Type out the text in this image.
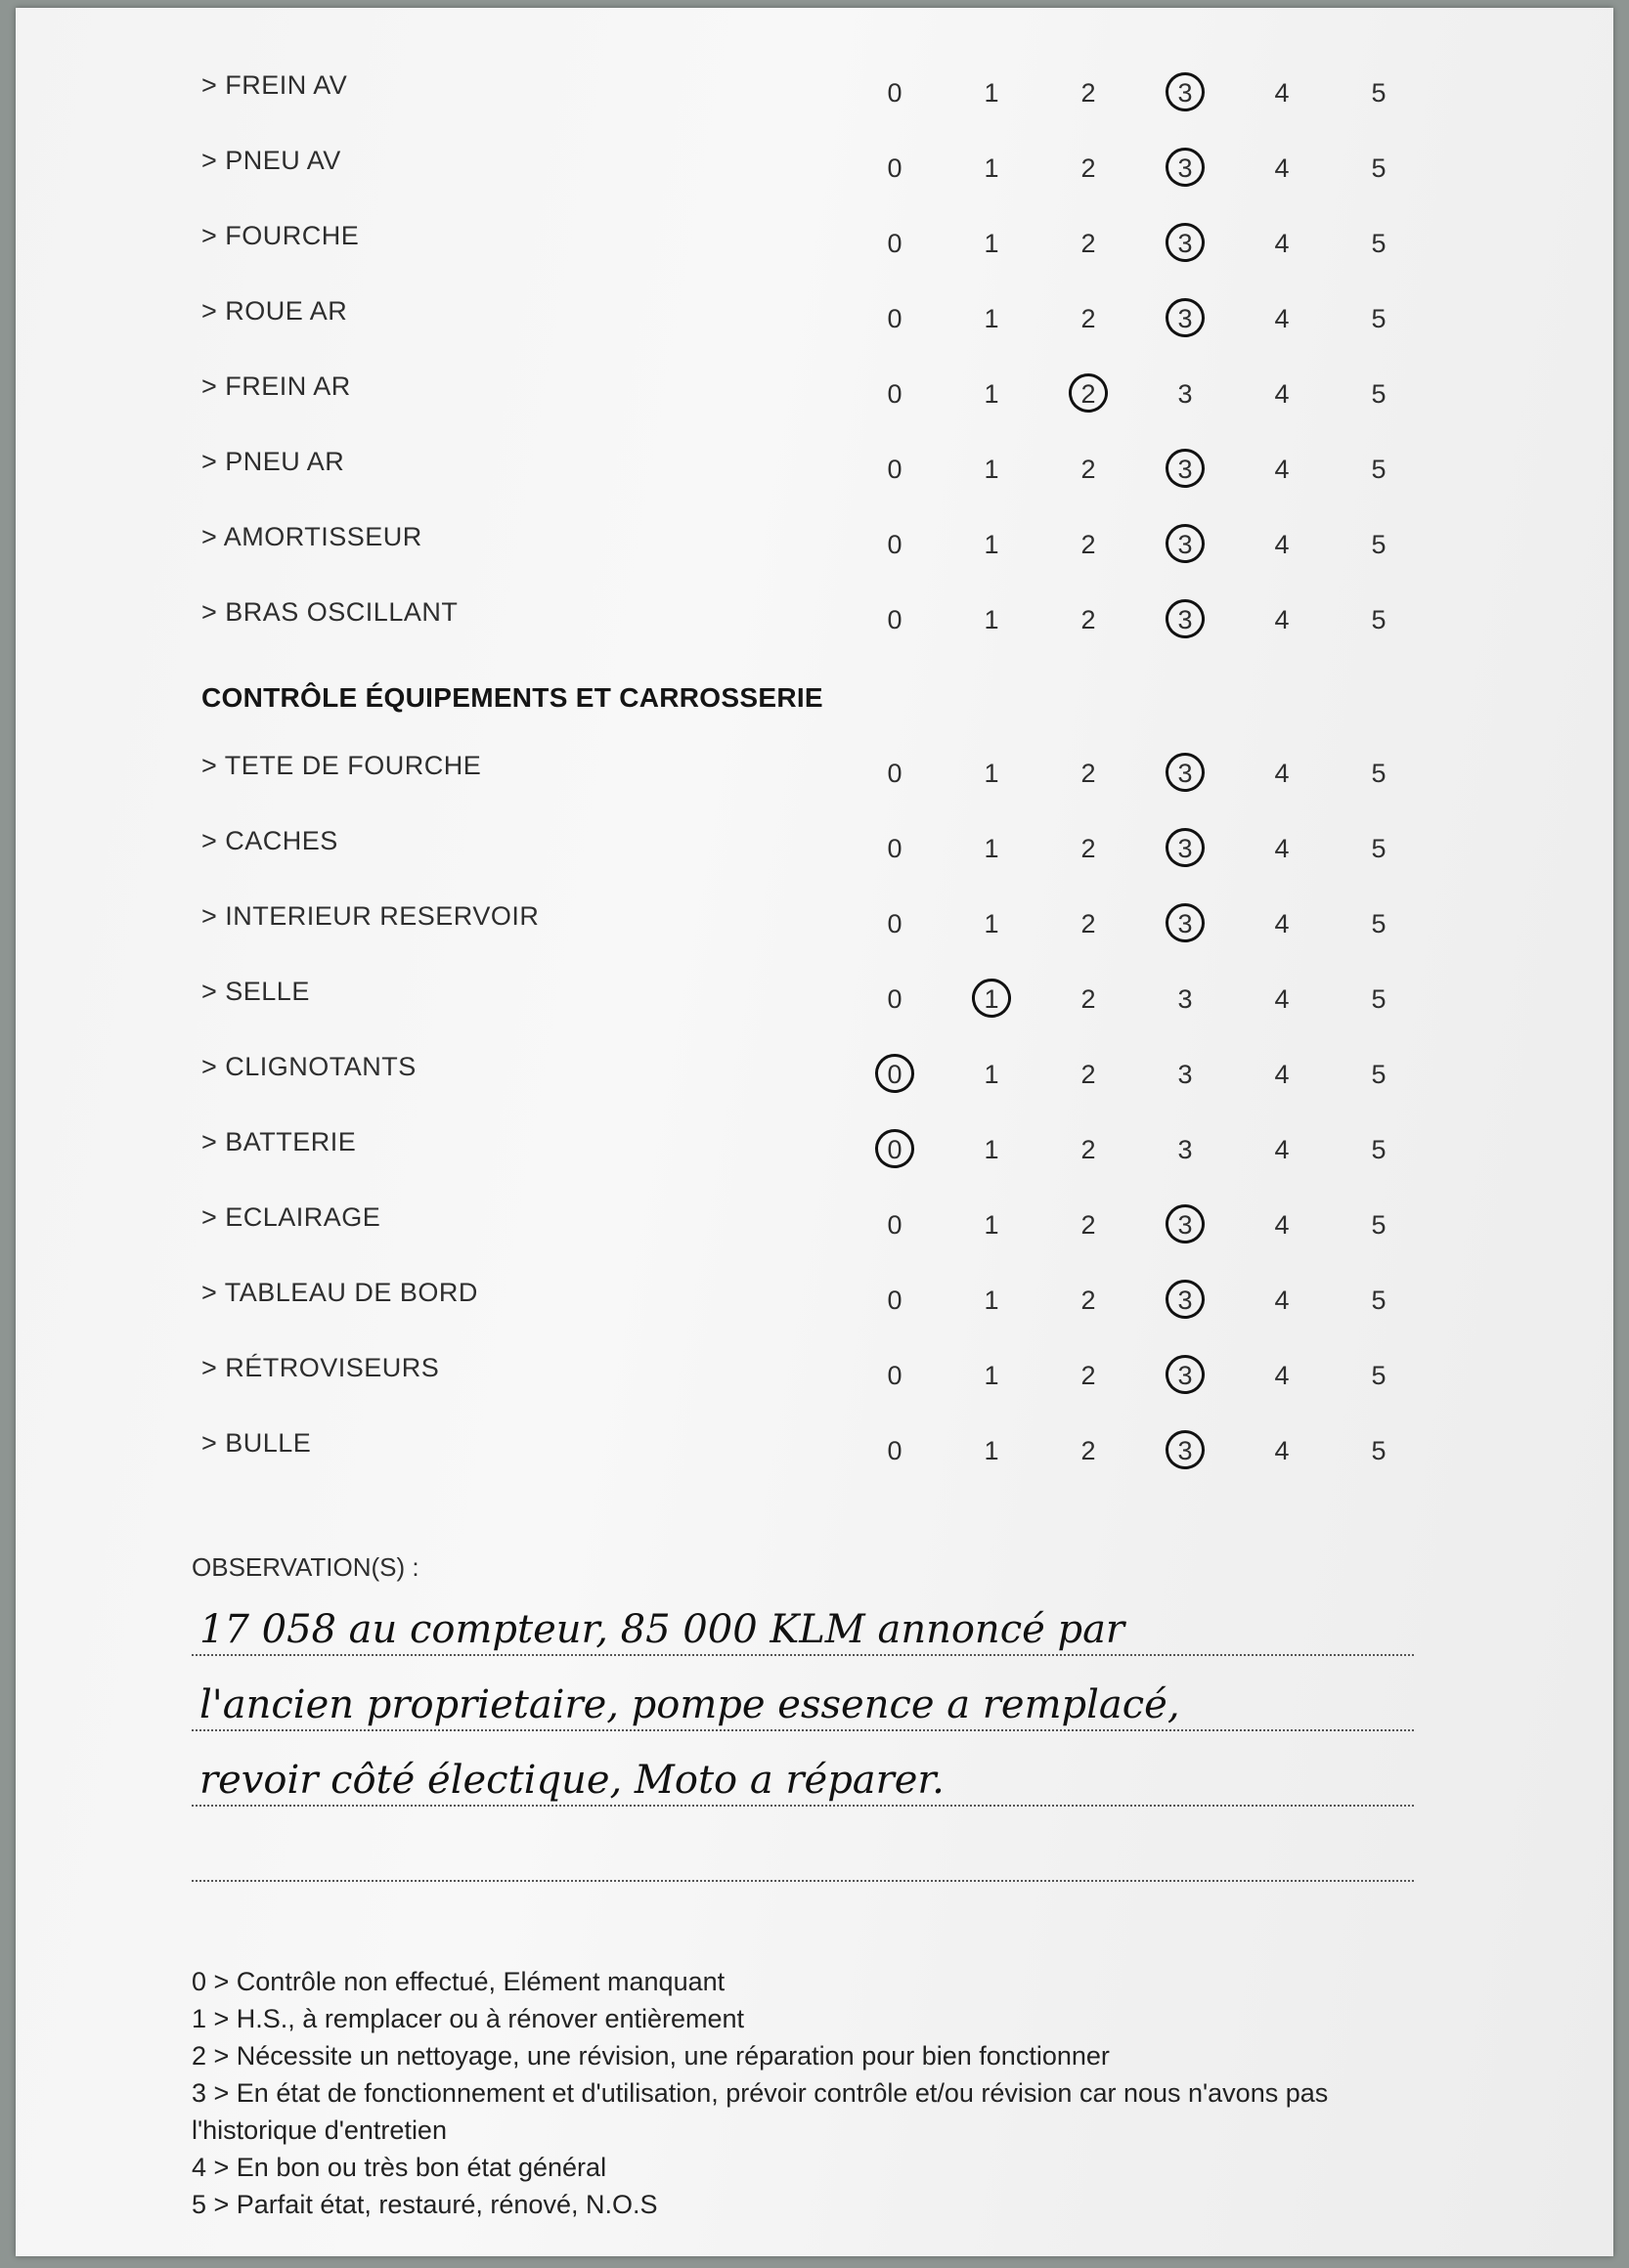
> FREIN AV	0	1	2	3	4	5
> PNEU AV	0	1	2	3	4	5
> FOURCHE	0	1	2	3	4	5
> ROUE AR	0	1	2	3	4	5
> FREIN AR	0	1	2	3	4	5
> PNEU AR	0	1	2	3	4	5
> AMORTISSEUR	0	1	2	3	4	5
> BRAS OSCILLANT	0	1	2	3	4	5
CONTRÔLE ÉQUIPEMENTS ET CARROSSERIE
> TETE DE FOURCHE	0	1	2	3	4	5
> CACHES	0	1	2	3	4	5
> INTERIEUR RESERVOIR	0	1	2	3	4	5
> SELLE	0	1	2	3	4	5
> CLIGNOTANTS	0	1	2	3	4	5
> BATTERIE	0	1	2	3	4	5
> ECLAIRAGE	0	1	2	3	4	5
> TABLEAU DE BORD	0	1	2	3	4	5
> RÉTROVISEURS	0	1	2	3	4	5
> BULLE	0	1	2	3	4	5
OBSERVATION(S) :
17 058 au compteur, 85 000 KLM annoncé par
l'ancien proprietaire, pompe essence a remplacé,
revoir côté électique, Moto a réparer.
0 > Contrôle non effectué, Elément manquant
1 > H.S., à remplacer ou à rénover entièrement
2 > Nécessite un nettoyage, une révision, une réparation pour bien fonctionner
3 > En état de fonctionnement et d'utilisation, prévoir contrôle et/ou révision car nous n'avons pas l'historique d'entretien
4 > En bon ou très bon état général
5 > Parfait état, restauré, rénové, N.O.S
